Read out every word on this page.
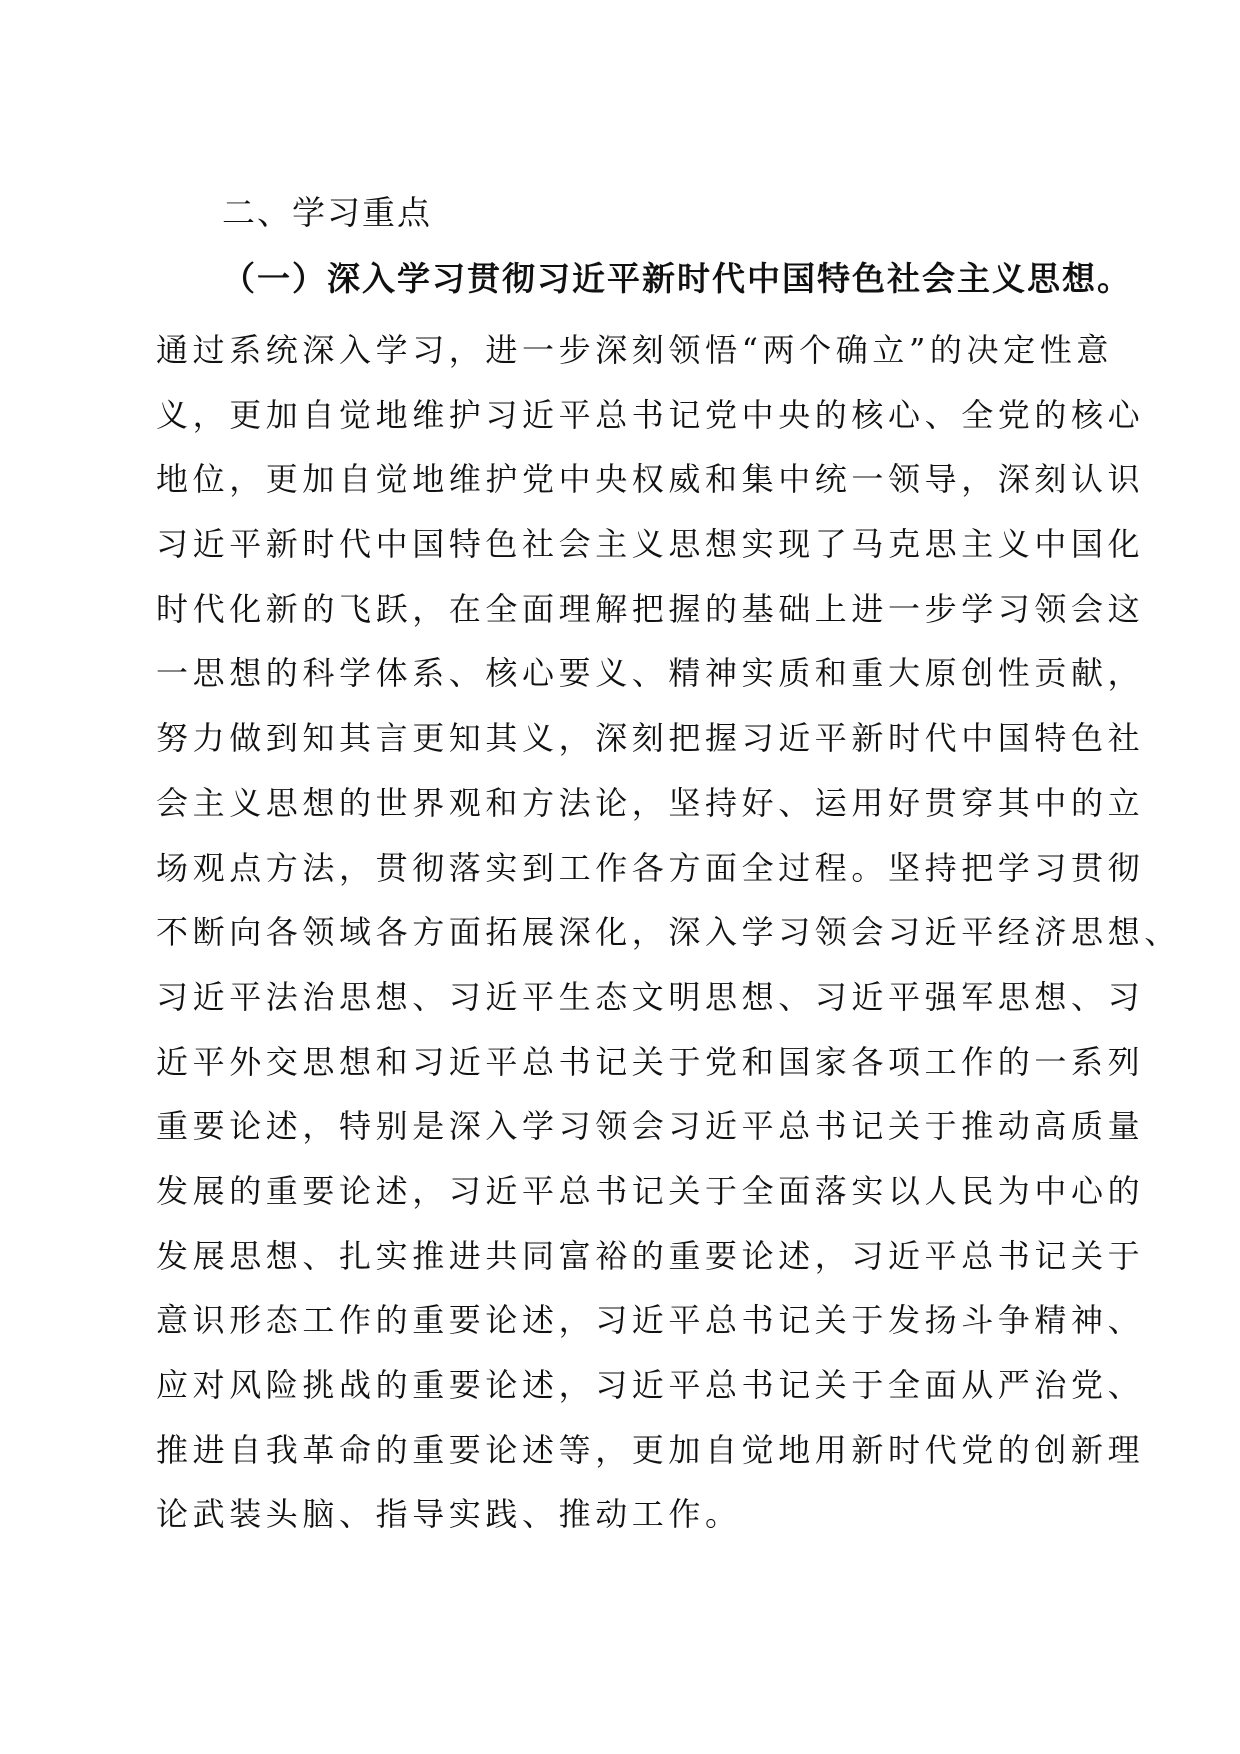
二、学习重点
（一）深入学习贯彻习近平新时代中国特色社会主义思想。
通过系统深入学习，进一步深刻领悟“两个确立”的决定性意
义，更加自觉地维护习近平总书记党中央的核心、全党的核心
地位，更加自觉地维护党中央权威和集中统一领导，深刻认识
习近平新时代中国特色社会主义思想实现了马克思主义中国化
时代化新的飞跃，在全面理解把握的基础上进一步学习领会这
一思想的科学体系、核心要义、精神实质和重大原创性贡献，
努力做到知其言更知其义，深刻把握习近平新时代中国特色社
会主义思想的世界观和方法论，坚持好、运用好贯穿其中的立
场观点方法，贯彻落实到工作各方面全过程。坚持把学习贯彻
不断向各领域各方面拓展深化，深入学习领会习近平经济思想、
习近平法治思想、习近平生态文明思想、习近平强军思想、习
近平外交思想和习近平总书记关于党和国家各项工作的一系列
重要论述，特别是深入学习领会习近平总书记关于推动高质量
发展的重要论述，习近平总书记关于全面落实以人民为中心的
发展思想、扎实推进共同富裕的重要论述，习近平总书记关于
意识形态工作的重要论述，习近平总书记关于发扬斗争精神、
应对风险挑战的重要论述，习近平总书记关于全面从严治党、
推进自我革命的重要论述等，更加自觉地用新时代党的创新理
论武装头脑、指导实践、推动工作。
